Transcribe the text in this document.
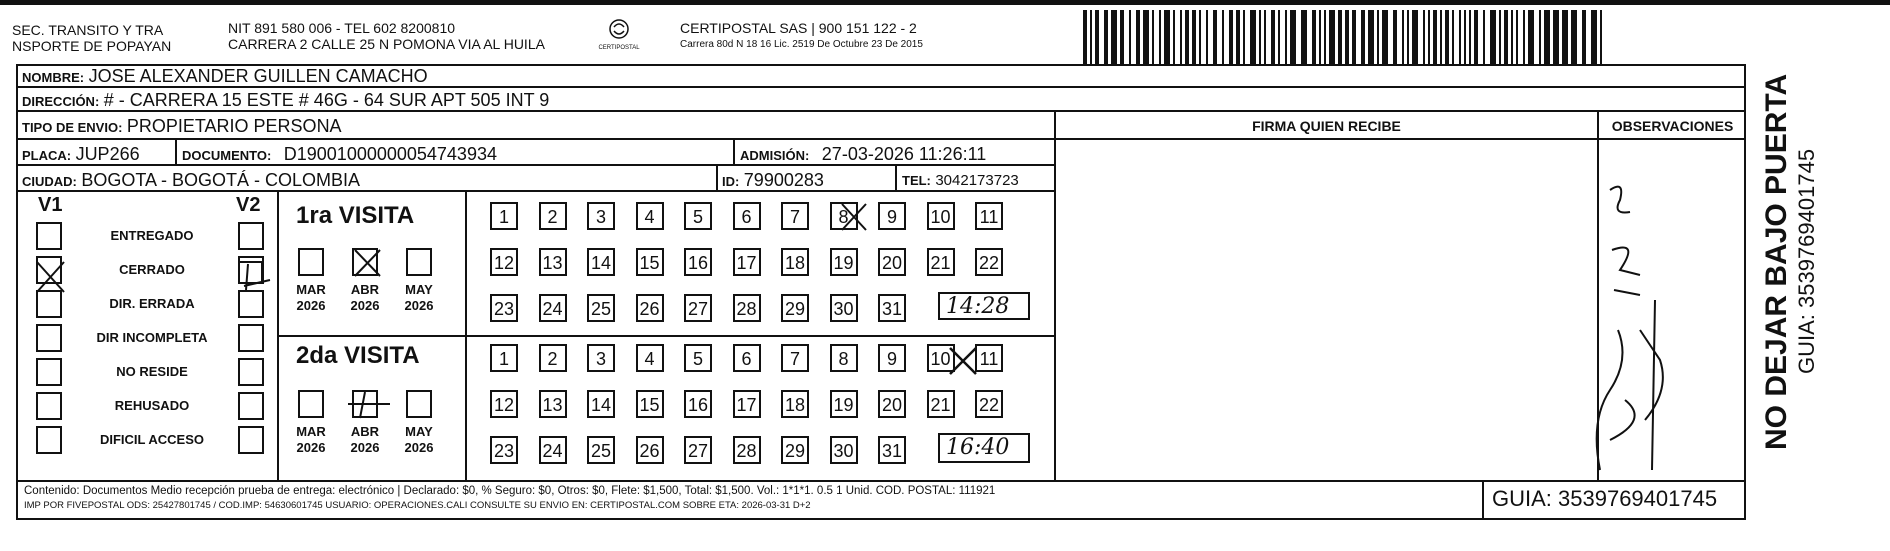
SEC. TRANSITO Y TRA
NSPORTE DE POPAYAN
NIT 891 580 006 - TEL 602 8200810
CARRERA 2 CALLE 25 N POMONA VIA AL HUILA	CERTIPOSTAL
CERTIPOSTAL SAS | 900 151 122 - 2
Carrera 80d N 18 16 Lic. 2519 De Octubre 23 De 2015
NOMBRE: JOSE ALEXANDER GUILLEN CAMACHO
DIRECCIÓN: # - CARRERA 15 ESTE # 46G - 64 SUR APT 505 INT 9
TIPO DE ENVIO: PROPIETARIO PERSONA	FIRMA QUIEN RECIBE	OBSERVACIONES
PLACA: JUP266	DOCUMENTO: D19001000000054743934	ADMISIÓN: 27-03-2026 11:26:11
CIUDAD: BOGOTA - BOGOTÁ - COLOMBIA	ID: 79900283	TEL: 3042173723
V1	V2
ENTREGADO
CERRADO
DIR. ERRADA
DIR INCOMPLETA
NO RESIDE
REHUSADO
DIFICIL ACCESO
1ra VISITA
2da VISITA
MAR
2026
ABR
2026
MAY
2026
MAR
2026
ABR
2026
MAY
2026
1	2	3	4	5	6	7	8	9	10 11
12 13 14 15 16 17 18 19 20 21 22
23 24 25 26 27 28 29 30 31
1	2	3	4	5	6	7	8	9	10 11
12 13 14 15 16 17 18 19 20 21 22
23 24 25 26 27 28 29 30 31
14:28
16:40
Contenido: Documentos Medio recepción prueba de entrega: electrónico | Declarado: $0, % Seguro: $0, Otros: $0, Flete: $1,500, Total: $1,500. Vol.: 1*1*1. 0.5 1 Unid. COD. POSTAL: 111921
IMP POR FIVEPOSTAL ODS: 25427801745 / COD.IMP: 54630601745 USUARIO: OPERACIONES.CALI CONSULTE SU ENVIO EN: CERTIPOSTAL.COM SOBRE ETA: 2026-03-31 D+2	GUIA: 3539769401745
NO DEJAR BAJO PUERTA GUIA: 3539769401745
